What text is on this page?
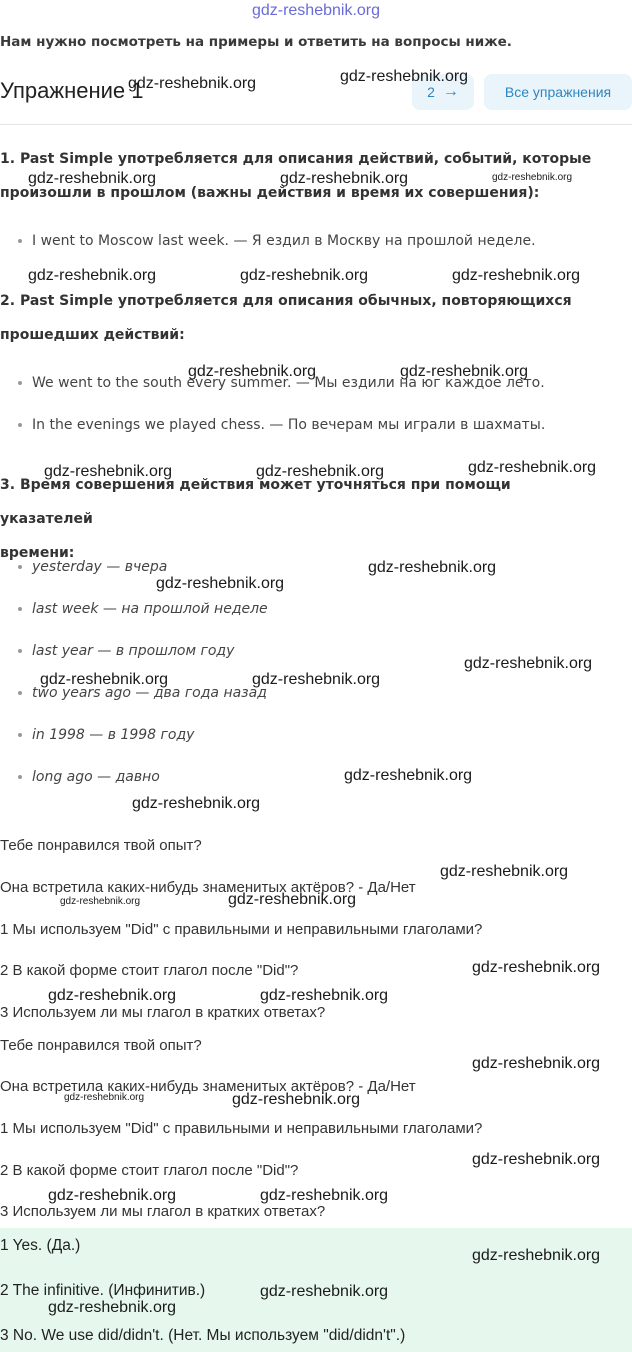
gdz-reshebnik.org
Нам нужно посмотреть на примеры и ответить на вопросы ниже.
Упражнение 1	2 →	Все упражнения
1. Past Simple употребляется для описания действий, событий, которые
произошли в прошлом (важны действия и время их совершения):
I went to Moscow last week. — Я ездил в Москву на прошлой неделе.
2. Past Simple употребляется для описания обычных, повторяющихся
прошедших действий:
We went to the south every summer. — Мы ездили на юг каждое лето.
In the evenings we played chess. — По вечерам мы играли в шахматы.
3. Время совершения действия может уточняться при помощи указателей
времени:
yesterday — вчера
last week — на прошлой неделе
last year — в прошлом году
two years ago — два года назад
in 1998 — в 1998 году
long ago — давно
Тебе понравился твой опыт?
Она встретила каких-нибудь знаменитых актёров? - Да/Нет
1 Мы используем "Did" с правильными и неправильными глаголами?
2 В какой форме стоит глагол после "Did"?
3 Используем ли мы глагол в кратких ответах?
Тебе понравился твой опыт?
Она встретила каких-нибудь знаменитых актёров? - Да/Нет
1 Мы используем "Did" с правильными и неправильными глаголами?
2 В какой форме стоит глагол после "Did"?
3 Используем ли мы глагол в кратких ответах?
1 Yes. (Да.)
2 The infinitive. (Инфинитив.)
3 No. We use did/didn't. (Нет. Мы используем "did/didn't".)
gdz-reshebnik.org	gdz-reshebnik.org
gdz-reshebnik.org	gdz-reshebnik.org	gdz-reshebnik.org
gdz-reshebnik.org	gdz-reshebnik.org	gdz-reshebnik.org
gdz-reshebnik.org	gdz-reshebnik.org
gdz-reshebnik.org	gdz-reshebnik.org	gdz-reshebnik.org
gdz-reshebnik.org
gdz-reshebnik.org
gdz-reshebnik.org
gdz-reshebnik.org	gdz-reshebnik.org
gdz-reshebnik.org
gdz-reshebnik.org
gdz-reshebnik.org
gdz-reshebnik.org	gdz-reshebnik.org
gdz-reshebnik.org
gdz-reshebnik.org	gdz-reshebnik.org
gdz-reshebnik.org
gdz-reshebnik.org	gdz-reshebnik.org
gdz-reshebnik.org
gdz-reshebnik.org	gdz-reshebnik.org
gdz-reshebnik.org
gdz-reshebnik.org
gdz-reshebnik.org
